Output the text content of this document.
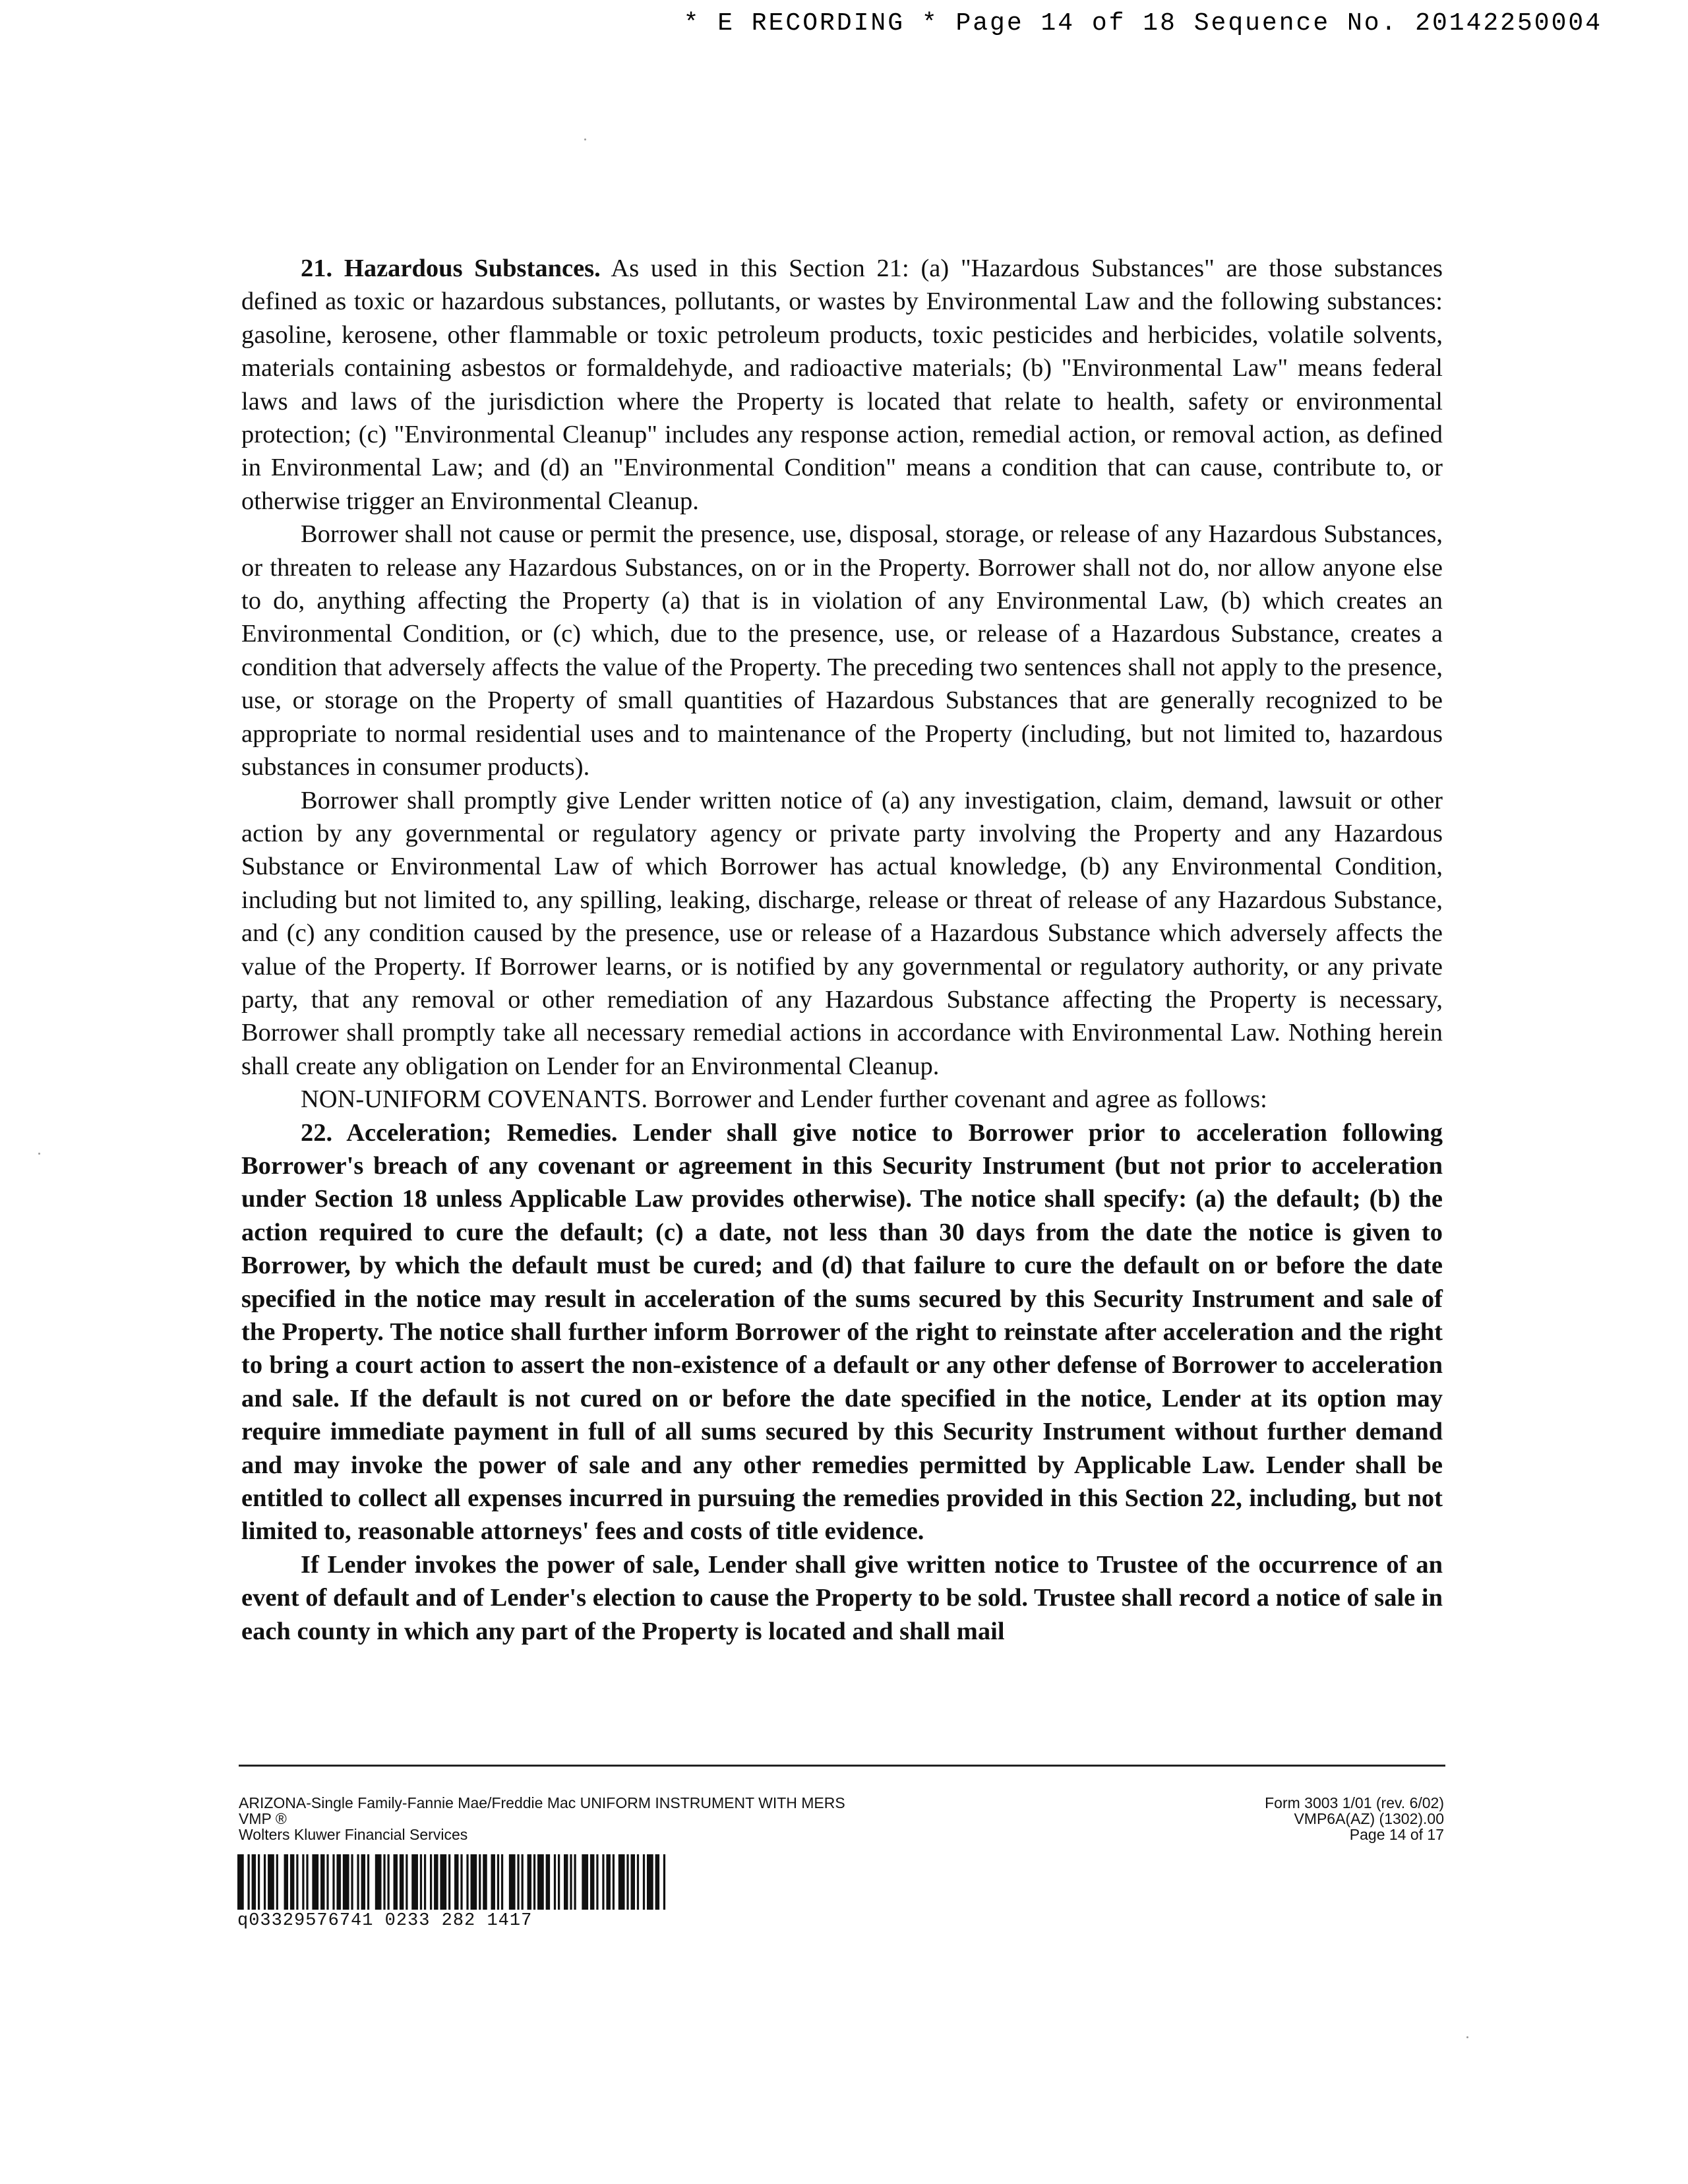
* E RECORDING * Page 14 of 18 Sequence No. 20142250004

21. Hazardous Substances. As used in this Section 21: (a) "Hazardous Substances" are those substances defined as toxic or hazardous substances, pollutants, or wastes by Environmental Law and the following substances: gasoline, kerosene, other flammable or toxic petroleum products, toxic pesticides and herbicides, volatile solvents, materials containing asbestos or formaldehyde, and radioactive materials; (b) "Environmental Law" means federal laws and laws of the jurisdiction where the Property is located that relate to health, safety or environmental protection; (c) "Environmental Cleanup" includes any response action, remedial action, or removal action, as defined in Environmental Law; and (d) an "Environmental Condition" means a condition that can cause, contribute to, or otherwise trigger an Environmental Cleanup.

Borrower shall not cause or permit the presence, use, disposal, storage, or release of any Hazardous Substances, or threaten to release any Hazardous Substances, on or in the Property. Borrower shall not do, nor allow anyone else to do, anything affecting the Property (a) that is in violation of any Environmental Law, (b) which creates an Environmental Condition, or (c) which, due to the presence, use, or release of a Hazardous Substance, creates a condition that adversely affects the value of the Property. The preceding two sentences shall not apply to the presence, use, or storage on the Property of small quantities of Hazardous Substances that are generally recognized to be appropriate to normal residential uses and to maintenance of the Property (including, but not limited to, hazardous substances in consumer products).

Borrower shall promptly give Lender written notice of (a) any investigation, claim, demand, lawsuit or other action by any governmental or regulatory agency or private party involving the Property and any Hazardous Substance or Environmental Law of which Borrower has actual knowledge, (b) any Environmental Condition, including but not limited to, any spilling, leaking, discharge, release or threat of release of any Hazardous Substance, and (c) any condition caused by the presence, use or release of a Hazardous Substance which adversely affects the value of the Property. If Borrower learns, or is notified by any governmental or regulatory authority, or any private party, that any removal or other remediation of any Hazardous Substance affecting the Property is necessary, Borrower shall promptly take all necessary remedial actions in accordance with Environmental Law. Nothing herein shall create any obligation on Lender for an Environmental Cleanup.

NON-UNIFORM COVENANTS. Borrower and Lender further covenant and agree as follows:

22. Acceleration; Remedies. Lender shall give notice to Borrower prior to acceleration following Borrower's breach of any covenant or agreement in this Security Instrument (but not prior to acceleration under Section 18 unless Applicable Law provides otherwise). The notice shall specify: (a) the default; (b) the action required to cure the default; (c) a date, not less than 30 days from the date the notice is given to Borrower, by which the default must be cured; and (d) that failure to cure the default on or before the date specified in the notice may result in acceleration of the sums secured by this Security Instrument and sale of the Property. The notice shall further inform Borrower of the right to reinstate after acceleration and the right to bring a court action to assert the non-existence of a default or any other defense of Borrower to acceleration and sale. If the default is not cured on or before the date specified in the notice, Lender at its option may require immediate payment in full of all sums secured by this Security Instrument without further demand and may invoke the power of sale and any other remedies permitted by Applicable Law. Lender shall be entitled to collect all expenses incurred in pursuing the remedies provided in this Section 22, including, but not limited to, reasonable attorneys' fees and costs of title evidence.

If Lender invokes the power of sale, Lender shall give written notice to Trustee of the occurrence of an event of default and of Lender's election to cause the Property to be sold. Trustee shall record a notice of sale in each county in which any part of the Property is located and shall mail

ARIZONA-Single Family-Fannie Mae/Freddie Mac UNIFORM INSTRUMENT WITH MERS
VMP ®
Wolters Kluwer Financial Services
Form 3003 1/01 (rev. 6/02)
VMP6A(AZ) (1302).00
Page 14 of 17
q03329576741 0233 282 1417
